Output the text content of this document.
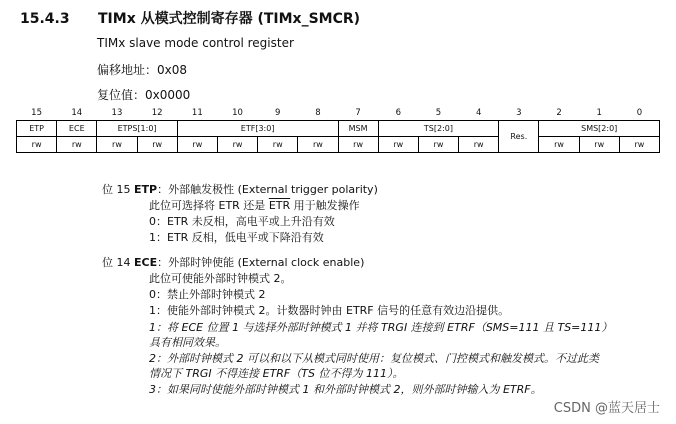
15.4.3 TIMx 从模式控制寄存器 (TIMx_SMCR)
TIMx slave mode control register
偏移地址：0x08
复位值：0x0000
15	14	13	12	11	10	9	8	7	6	5	4	3	2	1	0
ETP	ECE	ETPS[1:0]		ETF[3:0]				MSM	TS[2:0]			Res.	SMS[2:0]		
rw	rw	rw	rw	rw	rw	rw	rw	rw	rw	rw	rw		rw	rw	rw
位 15 ETP：外部触发极性 (External trigger polarity)
此位可选择将 ETR 还是 $\overline{ETR}$ 用于触发操作
0：ETR 未反相，高电平或上升沿有效
1：ETR 反相，低电平或下降沿有效
位 14 ECE：外部时钟使能 (External clock enable)
此位可使能外部时钟模式 2。
0：禁止外部时钟模式 2
1：使能外部时钟模式 2。计数器时钟由 ETRF 信号的任意有效边沿提供。
1：将 ECE 位置 1 与选择外部时钟模式 1 并将 TRGI 连接到 ETRF（SMS=111 且 TS=111）
具有相同效果。
2：外部时钟模式 2 可以和以下从模式同时使用：复位模式、门控模式和触发模式。不过此类
情况下 TRGI 不得连接 ETRF（TS 位不得为 111）。
3：如果同时使能外部时钟模式 1 和外部时钟模式 2，则外部时钟输入为 ETRF。
CSDN @蓝天居士
